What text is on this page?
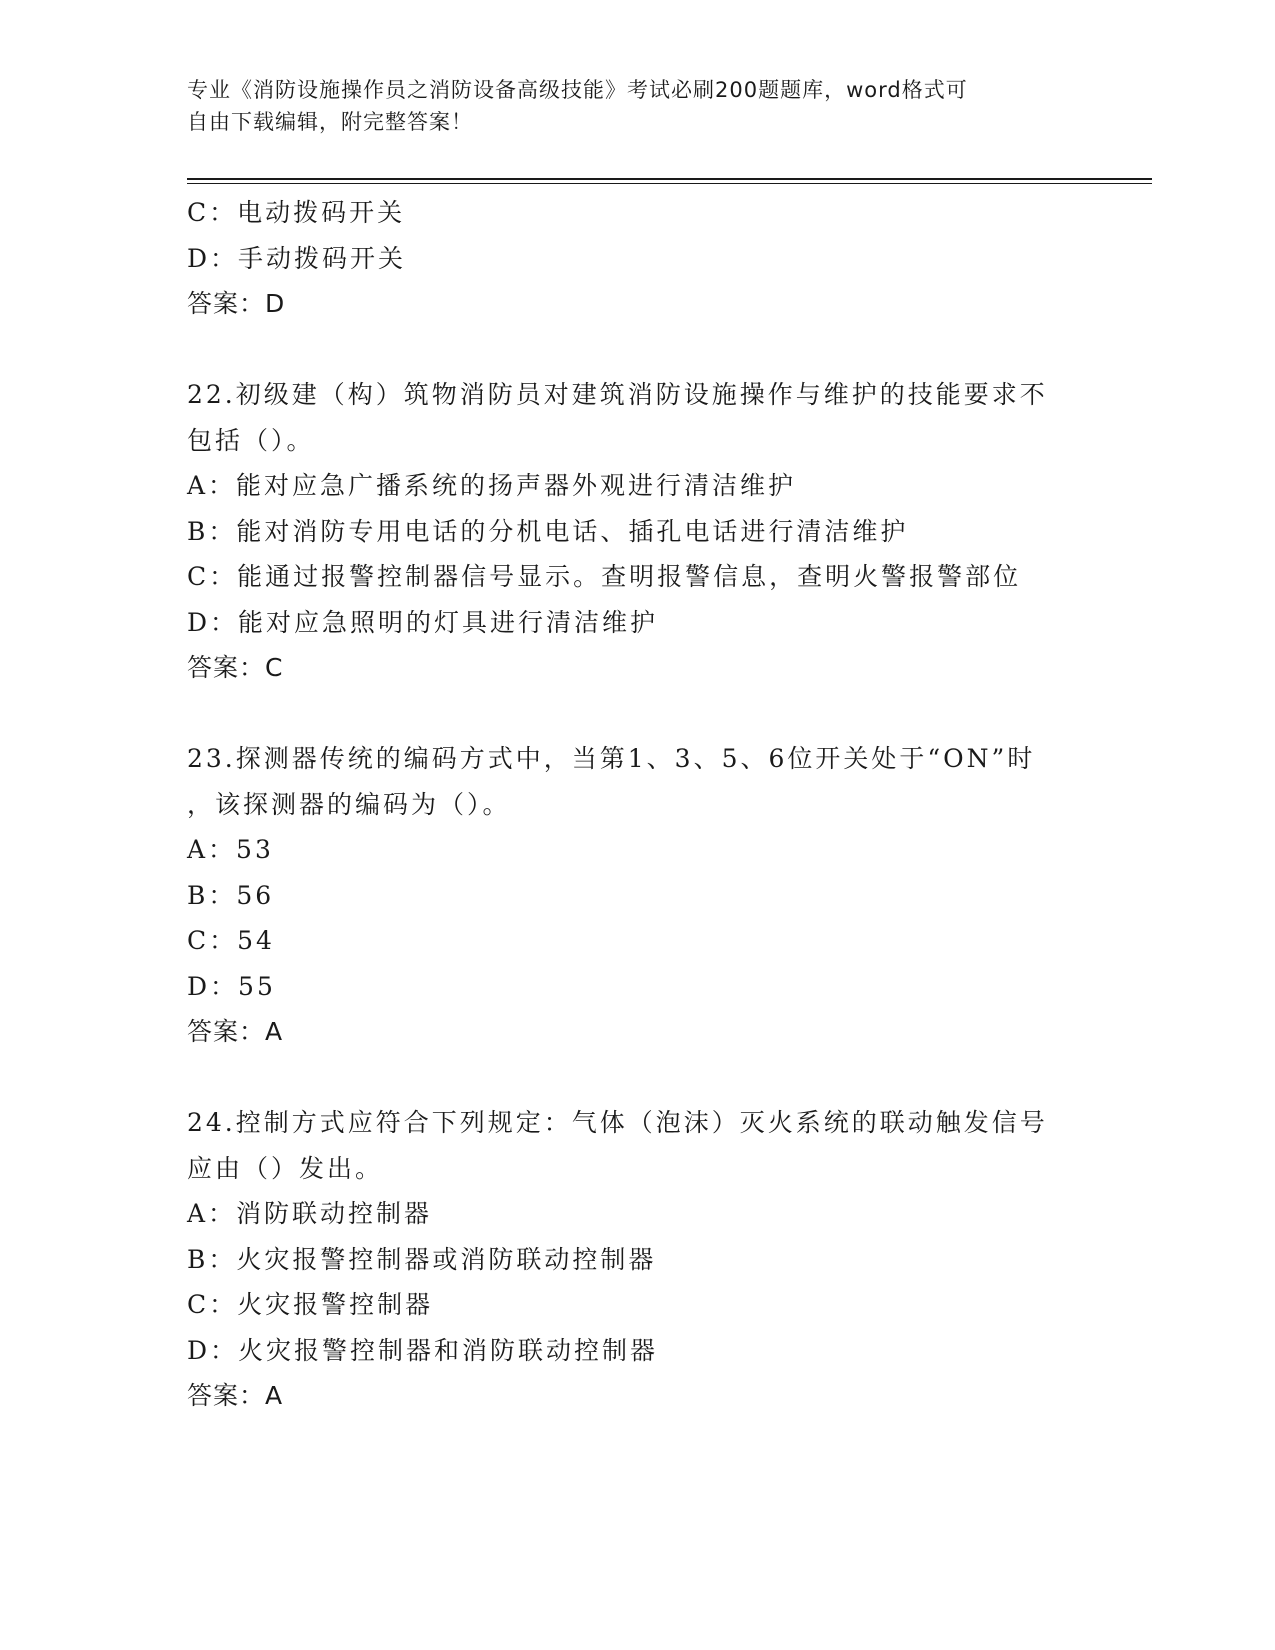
专业《消防设施操作员之消防设备高级技能》考试必刷200题题库，word格式可
自由下载编辑，附完整答案！
C：电动拨码开关
D：手动拨码开关
答案：D
22.初级建（构）筑物消防员对建筑消防设施操作与维护的技能要求不
包括（）。
A：能对应急广播系统的扬声器外观进行清洁维护
B：能对消防专用电话的分机电话、插孔电话进行清洁维护
C：能通过报警控制器信号显示。查明报警信息，查明火警报警部位
D：能对应急照明的灯具进行清洁维护
答案：C
23.探测器传统的编码方式中，当第1、3、5、6位开关处于“ON”时
，该探测器的编码为（）。
A：53
B：56
C：54
D：55
答案：A
24.控制方式应符合下列规定：气体（泡沫）灭火系统的联动触发信号
应由（）发出。
A：消防联动控制器
B：火灾报警控制器或消防联动控制器
C：火灾报警控制器
D：火灾报警控制器和消防联动控制器
答案：A
